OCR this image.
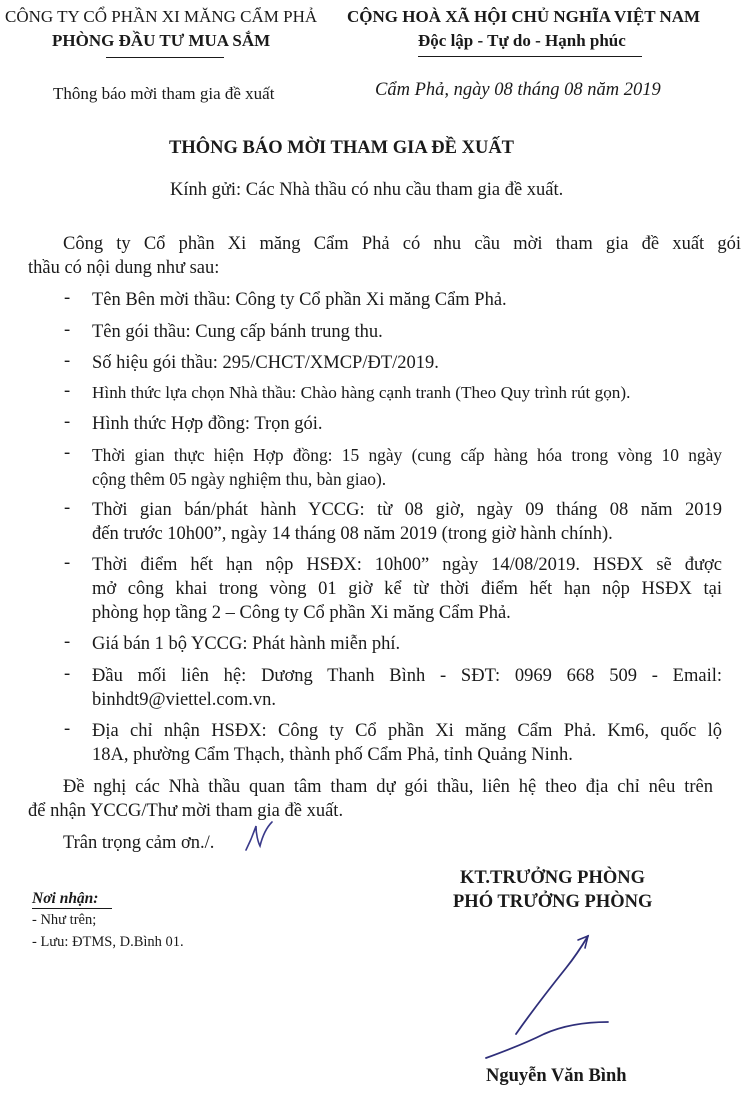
CÔNG TY CỔ PHẦN XI MĂNG CẨM PHẢ
PHÒNG ĐẦU TƯ MUA SẮM
CỘNG HOÀ XÃ HỘI CHỦ NGHĨA VIỆT NAM
Độc lập - Tự do - Hạnh phúc
Thông báo mời tham gia đề xuất	Cẩm Phả, ngày 08 tháng 08 năm 2019
THÔNG BÁO MỜI THAM GIA ĐỀ XUẤT
Kính gửi: Các Nhà thầu có nhu cầu tham gia đề xuất.
Công ty Cổ phần Xi măng Cẩm Phả có nhu cầu mời tham gia đề xuất gói
thầu có nội dung như sau:
- Tên Bên mời thầu: Công ty Cổ phần Xi măng Cẩm Phả.
- Tên gói thầu: Cung cấp bánh trung thu.
- Số hiệu gói thầu: 295/CHCT/XMCP/ĐT/2019.
- Hình thức lựa chọn Nhà thầu: Chào hàng cạnh tranh (Theo Quy trình rút gọn).
- Hình thức Hợp đồng: Trọn gói.
- Thời gian thực hiện Hợp đồng: 15 ngày (cung cấp hàng hóa trong vòng 10 ngày
cộng thêm 05 ngày nghiệm thu, bàn giao).
- Thời gian bán/phát hành YCCG: từ 08 giờ, ngày 09 tháng 08 năm 2019
đến trước 10h00”, ngày 14 tháng 08 năm 2019 (trong giờ hành chính).
- Thời điểm hết hạn nộp HSĐX: 10h00” ngày 14/08/2019. HSĐX sẽ được
mở công khai trong vòng 01 giờ kể từ thời điểm hết hạn nộp HSĐX tại
phòng họp tầng 2 – Công ty Cổ phần Xi măng Cẩm Phả.
- Giá bán 1 bộ YCCG: Phát hành miễn phí.
- Đầu mối liên hệ: Dương Thanh Bình - SĐT: 0969 668 509 - Email:
binhdt9@viettel.com.vn.
- Địa chỉ nhận HSĐX: Công ty Cổ phần Xi măng Cẩm Phả. Km6, quốc lộ
18A, phường Cẩm Thạch, thành phố Cẩm Phả, tỉnh Quảng Ninh.
Đề nghị các Nhà thầu quan tâm tham dự gói thầu, liên hệ theo địa chỉ nêu trên
để nhận YCCG/Thư mời tham gia đề xuất.
Trân trọng cảm ơn./.
KT.TRƯỞNG PHÒNG
PHÓ TRƯỞNG PHÒNG
Nguyễn Văn Bình
Nơi nhận:
- Như trên;
- Lưu: ĐTMS, D.Bình 01.
